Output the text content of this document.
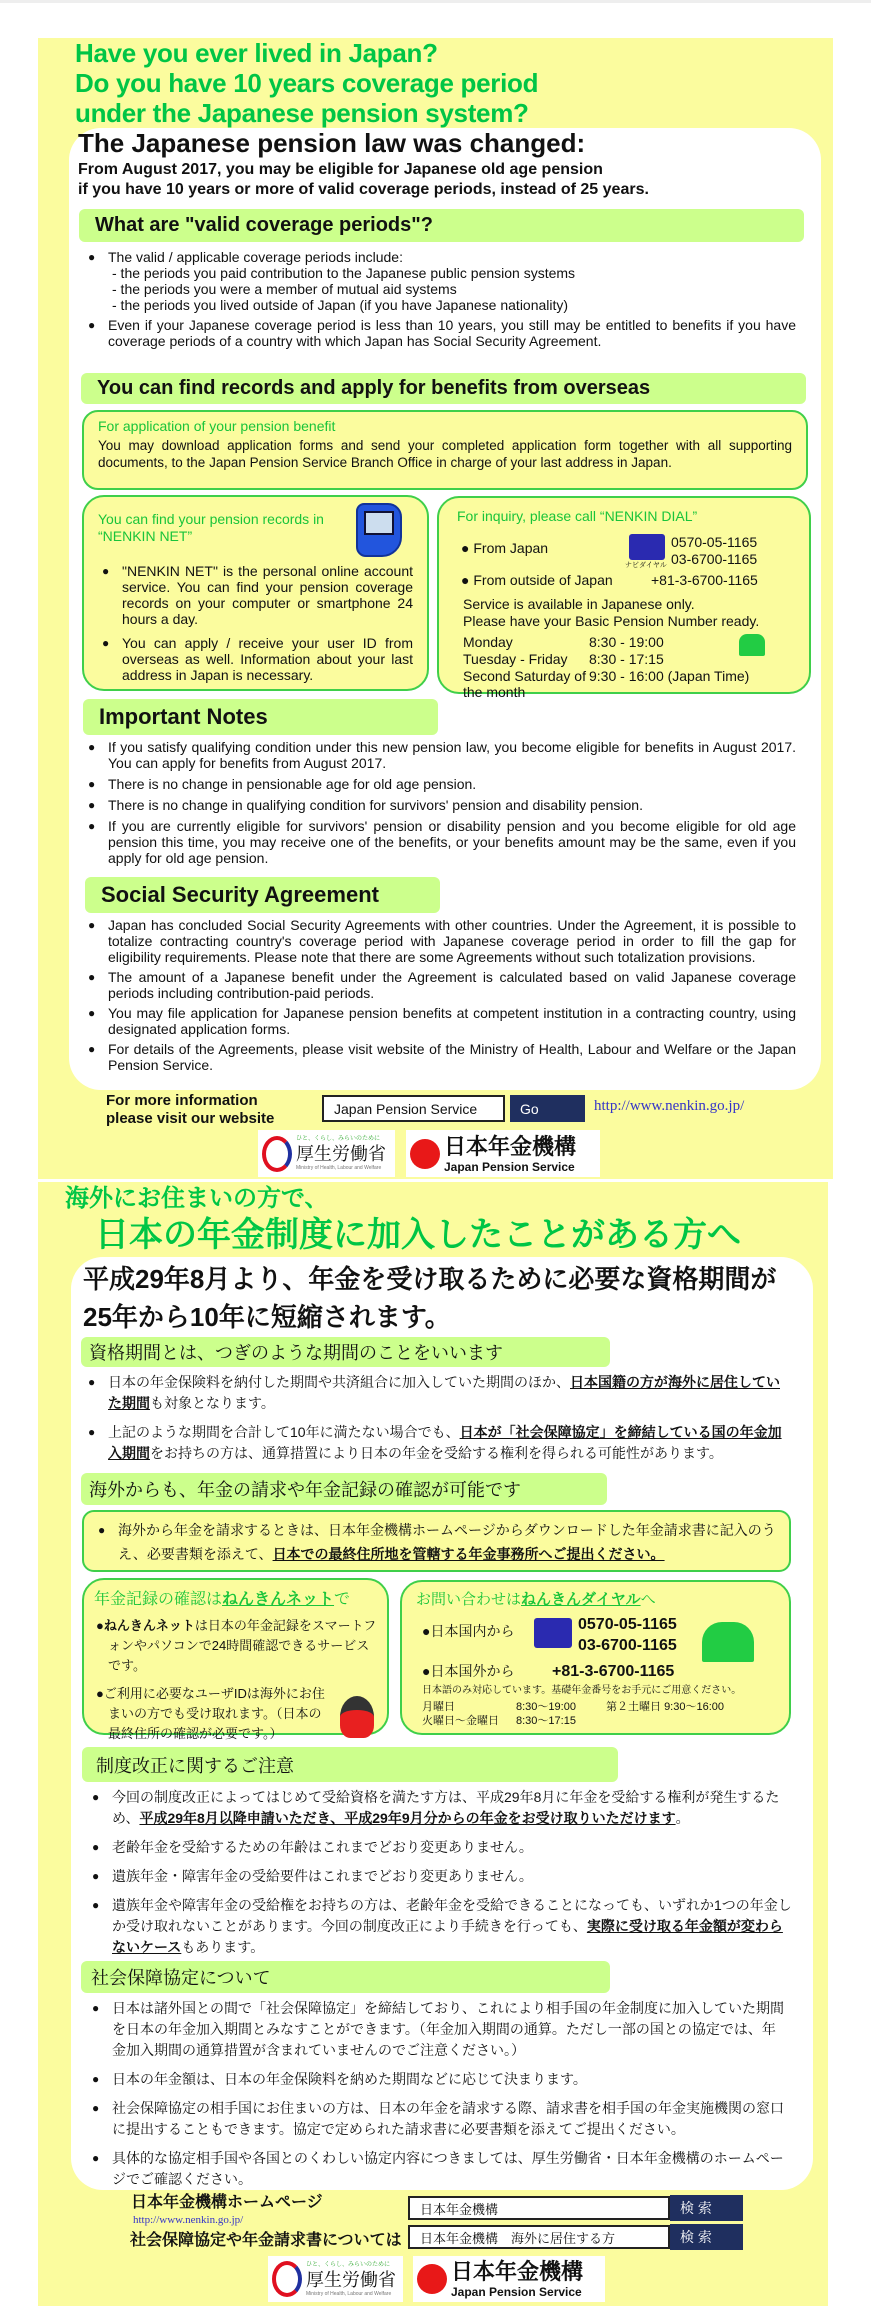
Have you ever lived in Japan?
Do you have 10 years coverage period
under the Japanese pension system?
The Japanese pension law was changed:
From August 2017, you may be eligible for Japanese old age pension
if you have 10 years or more of valid coverage periods, instead of 25 years.
What are "valid coverage periods"?
● The valid / applicable coverage periods include:
- the periods you paid contribution to the Japanese public pension systems
- the periods you were a member of mutual aid systems
- the periods you lived outside of Japan (if you have Japanese nationality)
● Even if your Japanese coverage period is less than 10 years, you still may be entitled to benefits if you have coverage periods of a country with which Japan has Social Security Agreement.
You can find records and apply for benefits from overseas
For application of your pension benefit
You may download application forms and send your completed application form together with all supporting documents, to the Japan Pension Service Branch Office in charge of your last address in Japan.
You can find your pension records in “NENKIN NET”
● "NENKIN NET" is the personal online account service. You can find your pension coverage records on your computer or smartphone 24 hours a day.
● You can apply / receive your user ID from overseas as well. Information about your last address in Japan is necessary.
For inquiry, please call “NENKIN DIAL”
● From Japan
ナビダイヤル
0570-05-1165
03-6700-1165
● From outside of Japan	+81-3-6700-1165
Service is available in Japanese only.
Please have your Basic Pension Number ready.
Monday	8:30 - 19:00
Tuesday - Friday	8:30 - 17:15
Second Saturday of the month
9:30 - 16:00 (Japan Time)
Important Notes
● If you satisfy qualifying condition under this new pension law, you become eligible for benefits in August 2017. You can apply for benefits from August 2017.
● There is no change in pensionable age for old age pension.
● There is no change in qualifying condition for survivors' pension and disability pension.
● If you are currently eligible for survivors' pension or disability pension and you become eligible for old age pension this time, you may receive one of the benefits, or your benefits amount may be the same, even if you apply for old age pension.
Social Security Agreement
● Japan has concluded Social Security Agreements with other countries. Under the Agreement, it is possible to totalize contracting country's coverage period with Japanese coverage period in order to fill the gap for eligibility requirements. Please note that there are some Agreements without such totalization provisions.
● The amount of a Japanese benefit under the Agreement is calculated based on valid Japanese coverage periods including contribution-paid periods.
● You may file application for Japanese pension benefits at competent institution in a contracting country, using designated application forms.
● For details of the Agreements, please visit website of the Ministry of Health, Labour and Welfare or the Japan Pension Service.
For more information
please visit our website
Japan Pension Service	Go	http://www.nenkin.go.jp/
ひと、くらし、みらいのために
厚生労働省
Ministry of Health, Labour and Welfare
日本年金機構
Japan Pension Service
海外にお住まいの方で、
日本の年金制度に加入したことがある方へ
平成29年8月より、年金を受け取るために必要な資格期間が
25年から10年に短縮されます。
資格期間とは、つぎのような期間のことをいいます
● 日本の年金保険料を納付した期間や共済組合に加入していた期間のほか、日本国籍の方が海外に居住していた期間も対象となります。
● 上記のような期間を合計して10年に満たない場合でも、日本が「社会保障協定」を締結している国の年金加入期間をお持ちの方は、通算措置により日本の年金を受給する権利を得られる可能性があります。
海外からも、年金の請求や年金記録の確認が可能です
● 海外から年金を請求するときは、日本年金機構ホームページからダウンロードした年金請求書に記入のうえ、必要書類を添えて、日本での最終住所地を管轄する年金事務所へご提出ください。
年金記録の確認はねんきんネットで
●ねんきんネットは日本の年金記録をスマートフォンやパソコンで24時間確認できるサービスです。
●ご利用に必要なユーザIDは海外にお住まいの方でも受け取れます。（日本の最終住所の確認が必要です。）
お問い合わせはねんきんダイヤルへ
●日本国内から	0570-05-1165
03-6700-1165
●日本国外から +81-3-6700-1165
日本語のみ対応しています。基礎年金番号をお手元にご用意ください。
月曜日	8:30～19:00	第２土曜日 9:30～16:00
火曜日～金曜日 8:30～17:15
制度改正に関するご注意
● 今回の制度改正によってはじめて受給資格を満たす方は、平成29年8月に年金を受給する権利が発生するため、平成29年8月以降申請いただき、平成29年9月分からの年金をお受け取りいただけます。
● 老齢年金を受給するための年齢はこれまでどおり変更ありません。
● 遺族年金・障害年金の受給要件はこれまでどおり変更ありません。
● 遺族年金や障害年金の受給権をお持ちの方は、老齢年金を受給できることになっても、いずれか1つの年金しか受け取れないことがあります。今回の制度改正により手続きを行っても、実際に受け取る年金額が変わらないケースもあります。
社会保障協定について
● 日本は諸外国との間で「社会保障協定」を締結しており、これにより相手国の年金制度に加入していた期間を日本の年金加入期間とみなすことができます。（年金加入期間の通算。ただし一部の国との協定では、年金加入期間の通算措置が含まれていませんのでご注意ください。）
● 日本の年金額は、日本の年金保険料を納めた期間などに応じて決まります。
● 社会保障協定の相手国にお住まいの方は、日本の年金を請求する際、請求書を相手国の年金実施機関の窓口に提出することもできます。協定で定められた請求書に必要書類を添えてご提出ください。
● 具体的な協定相手国や各国とのくわしい協定内容につきましては、厚生労働省・日本年金機構のホームページでご確認ください。
日本年金機構ホームページ
http://www.nenkin.go.jp/
社会保障協定や年金請求書については
日本年金機構	検 索
日本年金機構　海外に居住する方	検 索
ひと、くらし、みらいのために
厚生労働省
Ministry of Health, Labour and Welfare
日本年金機構
Japan Pension Service
